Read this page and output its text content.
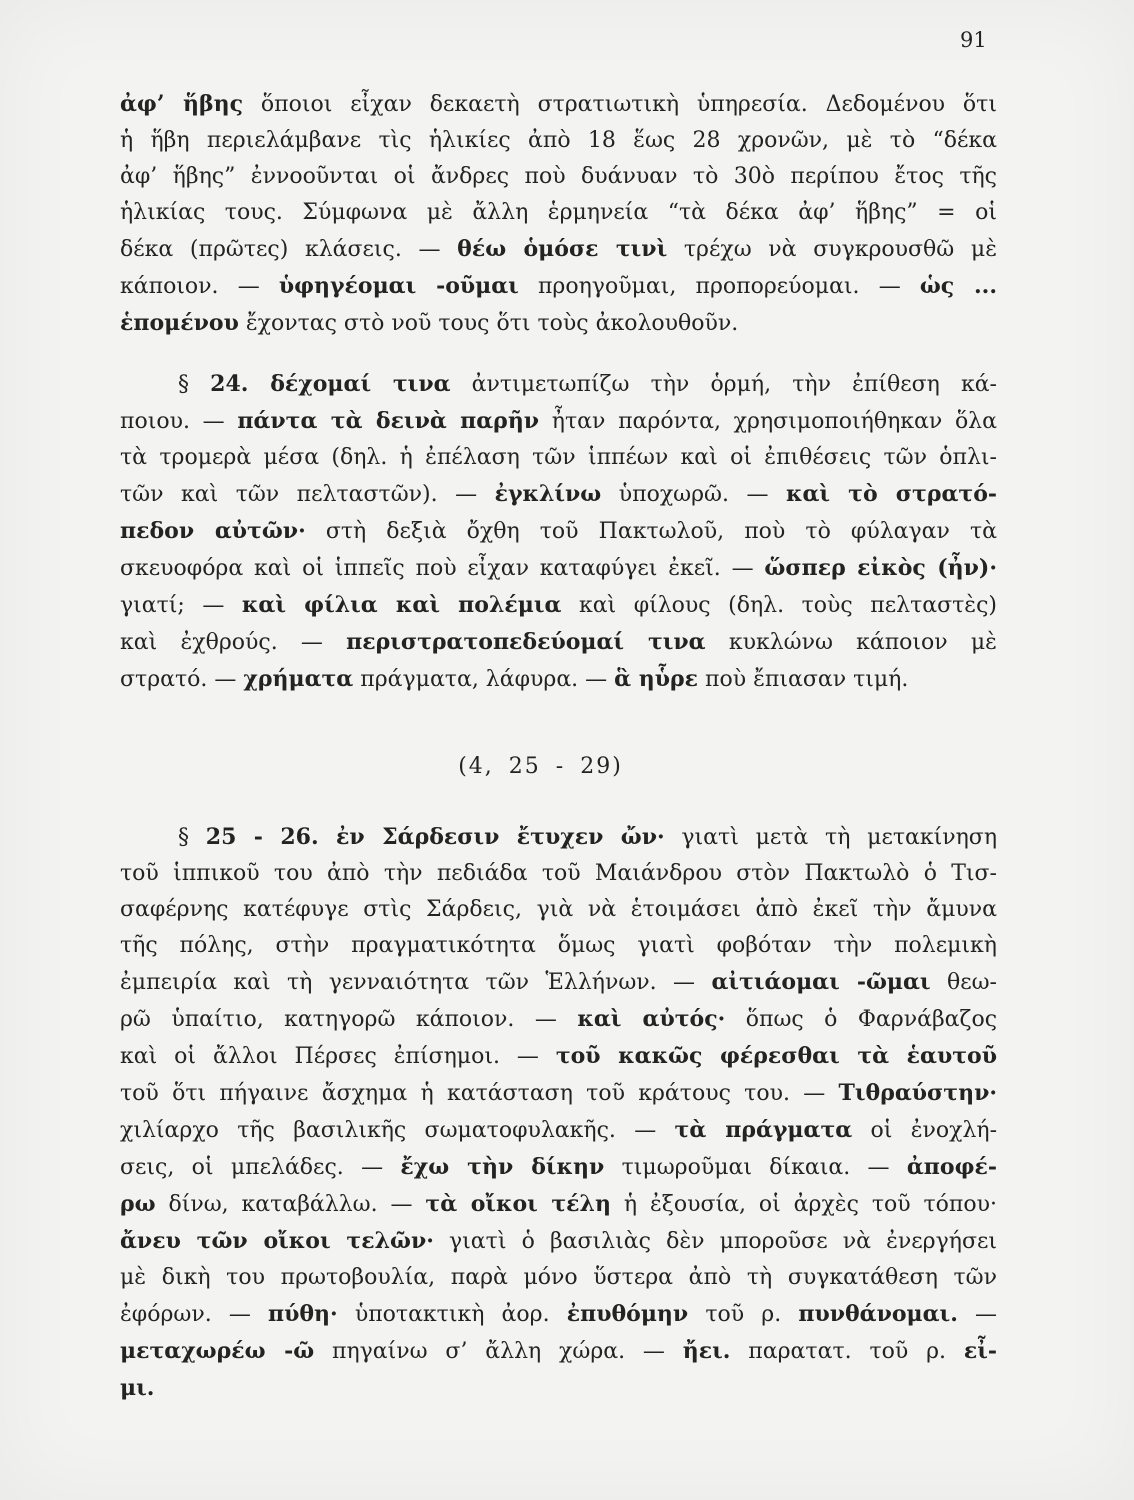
91
ἀφ’ ἥβης ὅποιοι εἶχαν δεκαετὴ στρατιωτικὴ ὑπηρεσία. Δεδομένου ὅτι
ἡ ἥβη περιελάμβανε τὶς ἡλικίες ἀπὸ 18 ἕως 28 χρονῶν, μὲ τὸ “δέκα
ἀφ’ ἥβης” ἐννοοῦνται οἱ ἄνδρες ποὺ δυάνυαν τὸ 30ὸ περίπου ἔτος τῆς
ἡλικίας τους. Σύμφωνα μὲ ἄλλη ἑρμηνεία “τὰ δέκα ἀφ’ ἥβης” = οἱ
δέκα (πρῶτες) κλάσεις. — θέω ὁμόσε τινὶ τρέχω νὰ συγκρουσθῶ μὲ
κάποιον. — ὑφηγέομαι -οῦμαι προηγοῦμαι, προπορεύομαι. — ὡς ...
ἑπομένου ἔχοντας στὸ νοῦ τους ὅτι τοὺς ἀκολουθοῦν.
§ 24. δέχομαί τινα ἀντιμετωπίζω τὴν ὁρμή, τὴν ἐπίθεση κά-
ποιου. — πάντα τὰ δεινὰ παρῆν ἦταν παρόντα, χρησιμοποιήθηκαν ὅλα
τὰ τρομερὰ μέσα (δηλ. ἡ ἐπέλαση τῶν ἱππέων καὶ οἱ ἐπιθέσεις τῶν ὁπλι-
τῶν καὶ τῶν πελταστῶν). — ἐγκλίνω ὑποχωρῶ. — καὶ τὸ στρατό-
πεδον αὐτῶν· στὴ δεξιὰ ὄχθη τοῦ Πακτωλοῦ, ποὺ τὸ φύλαγαν τὰ
σκευοφόρα καὶ οἱ ἱππεῖς ποὺ εἶχαν καταφύγει ἐκεῖ. — ὥσπερ εἰκὸς (ἦν)·
γιατί; — καὶ φίλια καὶ πολέμια καὶ φίλους (δηλ. τοὺς πελταστὲς)
καὶ ἐχθρούς. — περιστρατοπεδεύομαί τινα κυκλώνω κάποιον μὲ
στρατό. — χρήματα πράγματα, λάφυρα. — ἃ ηὗρε ποὺ ἔπιασαν τιμή.
(4, 25 - 29)
§ 25 - 26. ἐν Σάρδεσιν ἔτυχεν ὤν· γιατὶ μετὰ τὴ μετακίνηση
τοῦ ἱππικοῦ του ἀπὸ τὴν πεδιάδα τοῦ Μαιάνδρου στὸν Πακτωλὸ ὁ Τισ-
σαφέρνης κατέφυγε στὶς Σάρδεις, γιὰ νὰ ἑτοιμάσει ἀπὸ ἐκεῖ τὴν ἄμυνα
τῆς πόλης, στὴν πραγματικότητα ὅμως γιατὶ φοβόταν τὴν πολεμικὴ
ἐμπειρία καὶ τὴ γενναιότητα τῶν Ἑλλήνων. — αἰτιάομαι -ῶμαι θεω-
ρῶ ὑπαίτιο, κατηγορῶ κάποιον. — καὶ αὐτός· ὅπως ὁ Φαρνάβαζος
καὶ οἱ ἄλλοι Πέρσες ἐπίσημοι. — τοῦ κακῶς φέρεσθαι τὰ ἑαυτοῦ
τοῦ ὅτι πήγαινε ἄσχημα ἡ κατάσταση τοῦ κράτους του. — Τιθραύστην·
χιλίαρχο τῆς βασιλικῆς σωματοφυλακῆς. — τὰ πράγματα οἱ ἐνοχλή-
σεις, οἱ μπελάδες. — ἔχω τὴν δίκην τιμωροῦμαι δίκαια. — ἀποφέ-
ρω δίνω, καταβάλλω. — τὰ οἴκοι τέλη ἡ ἐξουσία, οἱ ἀρχὲς τοῦ τόπου·
ἄνευ τῶν οἴκοι τελῶν· γιατὶ ὁ βασιλιὰς δὲν μποροῦσε νὰ ἐνεργήσει
μὲ δικὴ του πρωτοβουλία, παρὰ μόνο ὕστερα ἀπὸ τὴ συγκατάθεση τῶν
ἐφόρων. — πύθη· ὑποτακτικὴ ἀορ. ἐπυθόμην τοῦ ρ. πυνθάνομαι. —
μεταχωρέω -ῶ πηγαίνω σ’ ἄλλη χώρα. — ἤει. παρατατ. τοῦ ρ. εἶ-
μι.
